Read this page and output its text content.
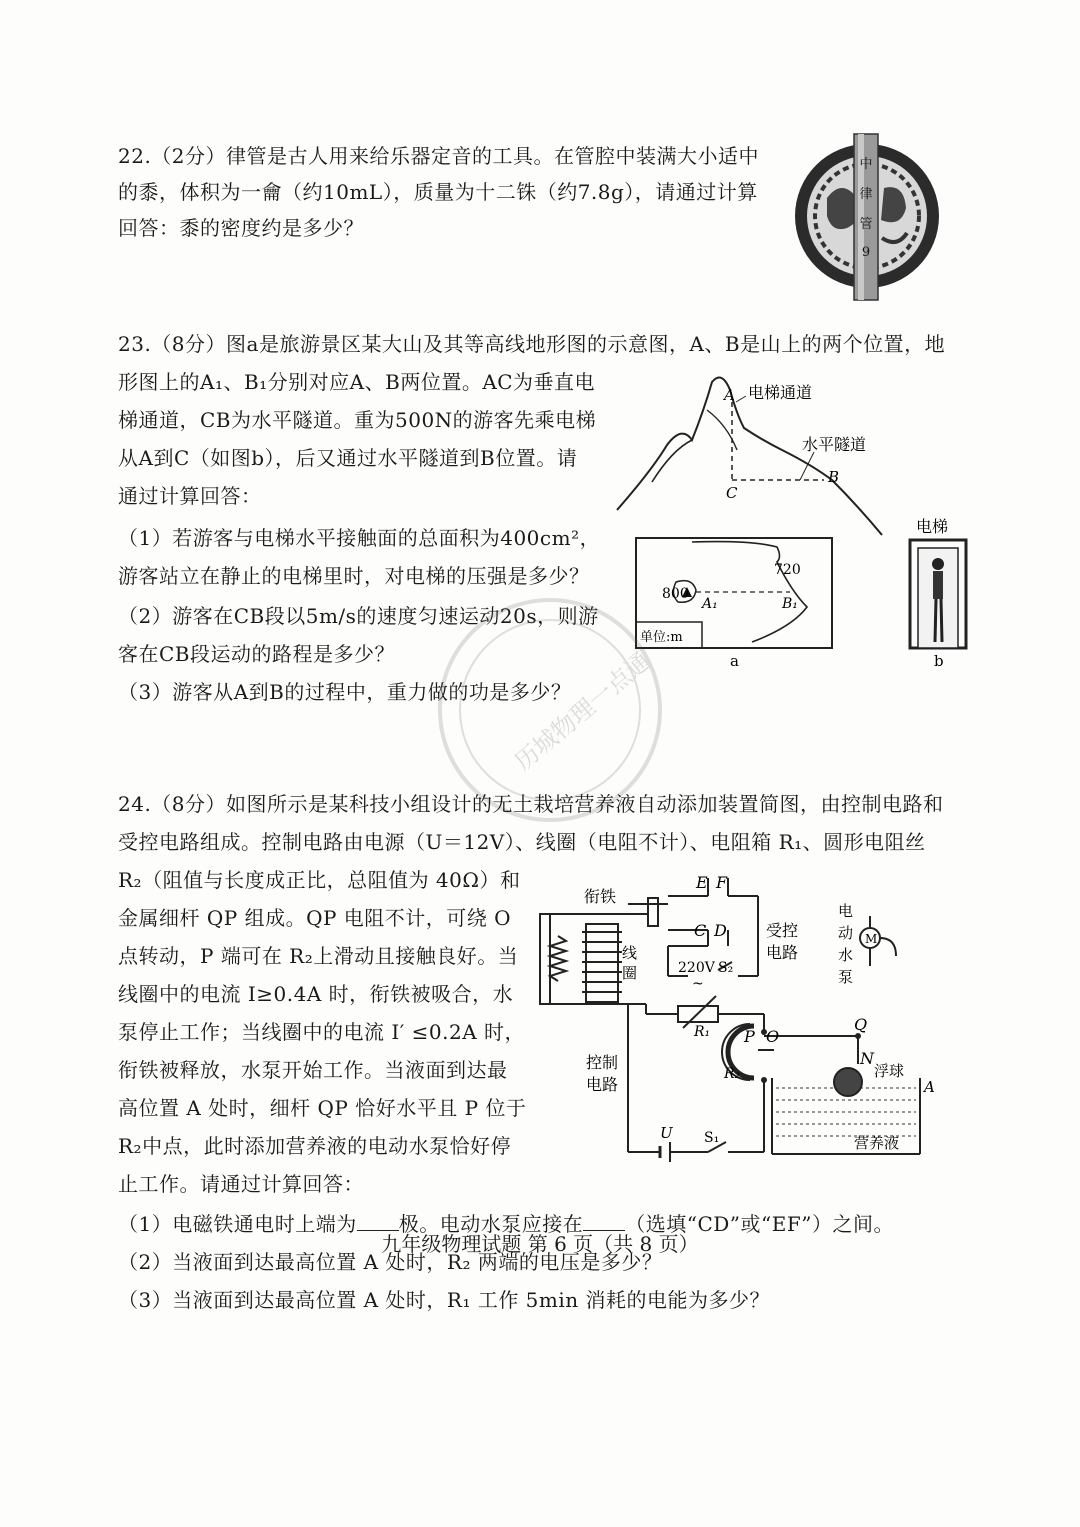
22.（2分）律管是古人用来给乐器定音的工具。在管腔中装满大小适中
的黍，体积为一龠（约10mL），质量为十二铢（约7.8g），请通过计算
回答：黍的密度约是多少？
中
律
管
9
23.（8分）图a是旅游景区某大山及其等高线地形图的示意图，A、B是山上的两个位置，地
形图上的A₁、B₁分别对应A、B两位置。AC为垂直电
梯通道，CB为水平隧道。重为500N的游客先乘电梯
从A到C（如图b），后又通过水平隧道到B位置。请
通过计算回答：
（1）若游客与电梯水平接触面的总面积为400cm²，
游客站立在静止的电梯里时，对电梯的压强是多少？
（2）游客在CB段以5m/s的速度匀速运动20s，则游
客在CB段运动的路程是多少？
（3）游客从A到B的过程中，重力做的功是多少？
A 电梯通道
水平隧道
C
B
720
800
A₁	B₁
单位:m
a
电梯
b
历城物理一点通
24.（8分）如图所示是某科技小组设计的无土栽培营养液自动添加装置简图，由控制电路和
受控电路组成。控制电路由电源（U＝12V）、线圈（电阻不计）、电阻箱 R₁、圆形电阻丝
R₂（阻值与长度成正比，总阻值为 40Ω）和
金属细杆 QP 组成。QP 电阻不计，可绕 O
点转动，P 端可在 R₂上滑动且接触良好。当
线圈中的电流 I≥0.4A 时，衔铁被吸合，水
泵停止工作；当线圈中的电流 I′ ≤0.2A 时，
衔铁被释放，水泵开始工作。当液面到达最
高位置 A 处时，细杆 QP 恰好水平且 P 位于
R₂中点，此时添加营养液的电动水泵恰好停
止工作。请通过计算回答：
（1）电磁铁通电时上端为 极。电动水泵应接在 （选填“CD”或“EF”）之间。
（2）当液面到达最高位置 A 处时，R₂ 两端的电压是多少？
（3）当液面到达最高位置 A 处时，R₁ 工作 5min 消耗的电能为多少？
衔铁
E F
C D 受控
电路
电
动
水
泵
M
线
圈	220V S₂
~
R₁ P O
Q
N
浮球
A
R₂
控制
电路
U S₁	营养液
九年级物理试题 第 6 页（共 8 页）
